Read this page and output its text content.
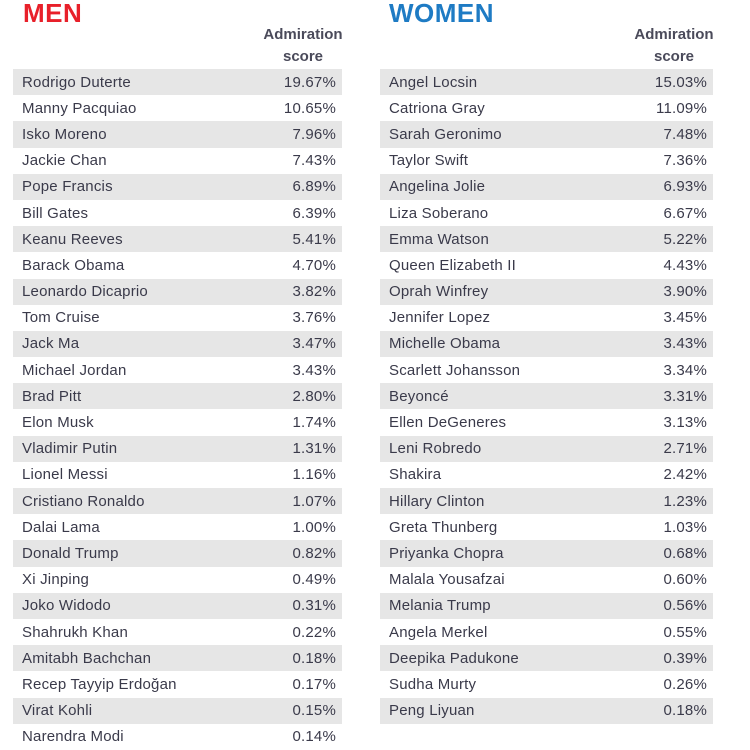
MEN
Admiration
score
Rodrigo Duterte	19.67%
Manny Pacquiao	10.65%
Isko Moreno	7.96%
Jackie Chan	7.43%
Pope Francis	6.89%
Bill Gates	6.39%
Keanu Reeves	5.41%
Barack Obama	4.70%
Leonardo Dicaprio	3.82%
Tom Cruise	3.76%
Jack Ma	3.47%
Michael Jordan	3.43%
Brad Pitt	2.80%
Elon Musk	1.74%
Vladimir Putin	1.31%
Lionel Messi	1.16%
Cristiano Ronaldo	1.07%
Dalai Lama	1.00%
Donald Trump	0.82%
Xi Jinping	0.49%
Joko Widodo	0.31%
Shahrukh Khan	0.22%
Amitabh Bachchan	0.18%
Recep Tayyip Erdoğan	0.17%
Virat Kohli	0.15%
Narendra Modi	0.14%
WOMEN
Admiration
score
Angel Locsin	15.03%
Catriona Gray	11.09%
Sarah Geronimo	7.48%
Taylor Swift	7.36%
Angelina Jolie	6.93%
Liza Soberano	6.67%
Emma Watson	5.22%
Queen Elizabeth II	4.43%
Oprah Winfrey	3.90%
Jennifer Lopez	3.45%
Michelle Obama	3.43%
Scarlett Johansson	3.34%
Beyoncé	3.31%
Ellen DeGeneres	3.13%
Leni Robredo	2.71%
Shakira	2.42%
Hillary Clinton	1.23%
Greta Thunberg	1.03%
Priyanka Chopra	0.68%
Malala Yousafzai	0.60%
Melania Trump	0.56%
Angela Merkel	0.55%
Deepika Padukone	0.39%
Sudha Murty	0.26%
Peng Liyuan	0.18%
